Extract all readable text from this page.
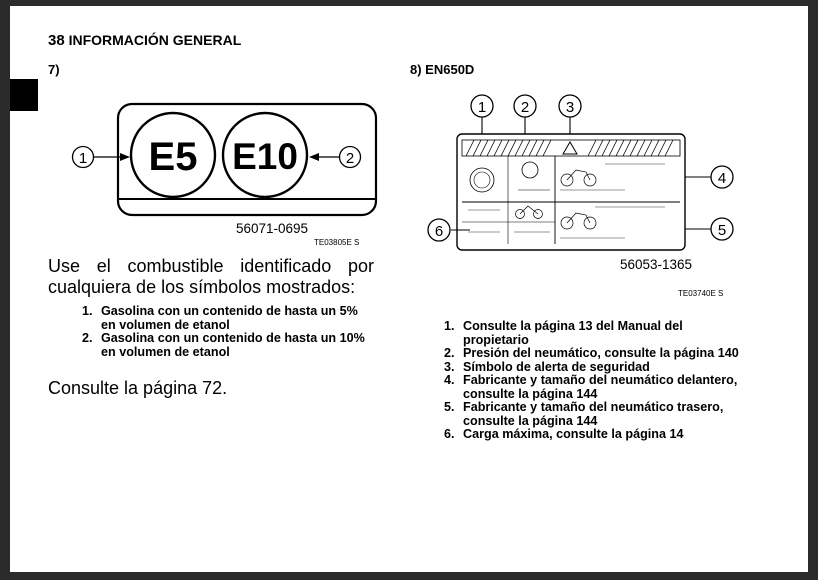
38 INFORMACIÓN GENERAL
7)
E5 E10
1	2
56071-0695
TE03805E S
Use el combustible identificado por cualquiera de los símbolos mostrados:
1. Gasolina con un contenido de hasta un 5% en volumen de etanol
2. Gasolina con un contenido de hasta un 10% en volumen de etanol
Consulte la página 72.
8) EN650D
1 2 3
4
5
6
56053-1365
TE03740E S
1. Consulte la página 13 del Manual del propietario
2. Presión del neumático, consulte la página 140
3. Símbolo de alerta de seguridad
4. Fabricante y tamaño del neumático delantero, consulte la página 144
5. Fabricante y tamaño del neumático trasero, consulte la página 144
6. Carga máxima, consulte la página 14
